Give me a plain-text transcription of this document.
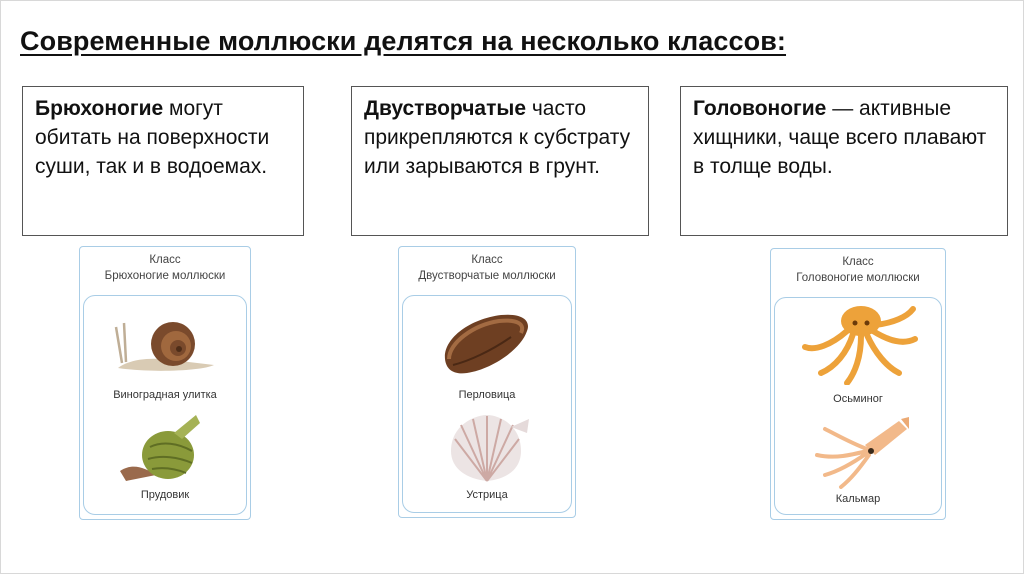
Современные моллюски делятся на несколько классов:
Брюхоногие могут обитать на поверхности суши, так и в водоемах.
Двустворчатые часто прикрепляются к субстрату или зарываются в грунт.
Головоногие — активные хищники, чаще всего плавают в толще воды.
Класс
Брюхоногие моллюски
Виноградная улитка
Прудовик
Класс
Двустворчатые моллюски
Перловица
Устрица
Класс
Головоногие моллюски
Осьминог
Кальмар
